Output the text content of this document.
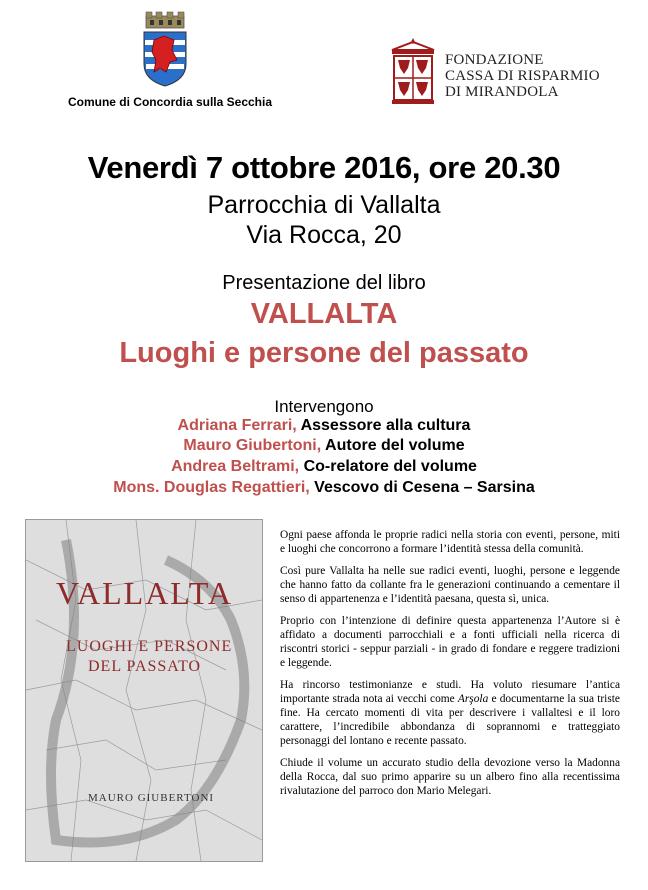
Comune di Concordia sulla Secchia
FONDAZIONE
CASSA DI RISPARMIO
DI MIRANDOLA
Venerdì 7 ottobre 2016, ore 20.30
Parrocchia di Vallalta
Via Rocca, 20
Presentazione del libro
VALLALTA
Luoghi e persone del passato
Intervengono
Adriana Ferrari, Assessore alla cultura
Mauro Giubertoni, Autore del volume
Andrea Beltrami, Co-relatore del volume
Mons. Douglas Regattieri, Vescovo di Cesena – Sarsina
VALLALTA
LUOGHI E PERSONE
DEL PASSATO
MAURO GIUBERTONI

Ogni paese affonda le proprie radici nella storia con eventi, persone, miti e luoghi che concorrono a formare l’identità stessa della comunità.

Così pure Vallalta ha nelle sue radici eventi, luoghi, persone e leggende che hanno fatto da collante fra le generazioni continuando a cementare il senso di appartenenza e l’identità paesana, questa sì, unica.

Proprio con l’intenzione di definire questa appartenenza l’Autore si è affidato a documenti parrocchiali e a fonti ufficiali nella ricerca di riscontri storici - seppur parziali - in grado di fondare e reggere tradizioni e leggende.

Ha rincorso testimonianze e studi. Ha voluto riesumare l’antica importante strada nota ai vecchi come Arşola e documentarne la sua triste fine. Ha cercato momenti di vita per descrivere i vallaltesi e il loro carattere, l’incredibile abbondanza di soprannomi e tratteggiato personaggi del lontano e recente passato.

Chiude il volume un accurato studio della devozione verso la Madonna della Rocca, dal suo primo apparire su un albero fino alla recentissima rivalutazione del parroco don Mario Melegari.
